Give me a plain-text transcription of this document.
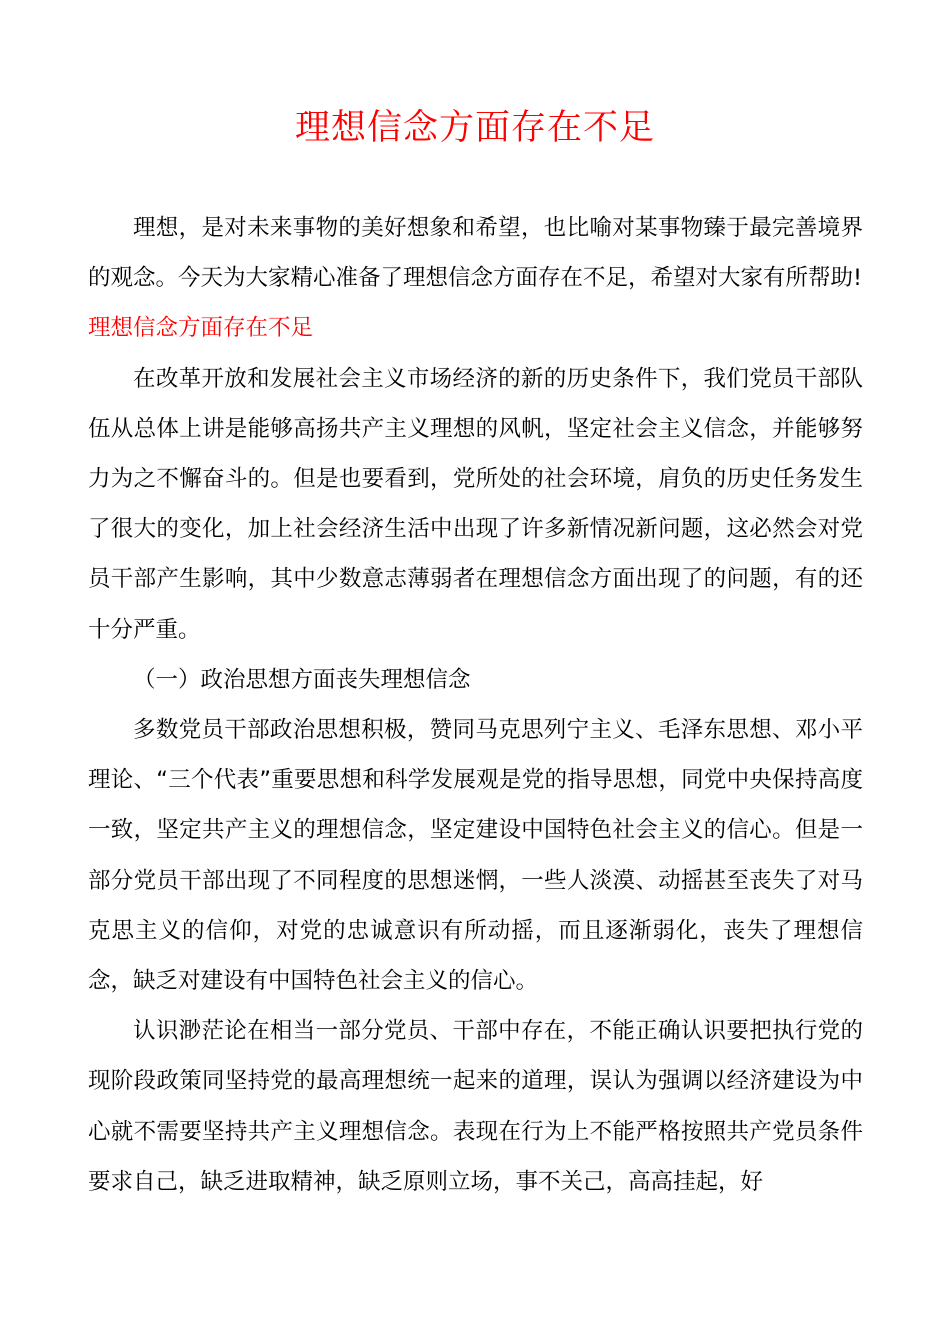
理想信念方面存在不足

理想，是对未来事物的美好想象和希望，也比喻对某事物臻于最完善境界的观念。今天为大家精心准备了理想信念方面存在不足，希望对大家有所帮助!

理想信念方面存在不足

在改革开放和发展社会主义市场经济的新的历史条件下，我们党员干部队伍从总体上讲是能够高扬共产主义理想的风帆，坚定社会主义信念，并能够努力为之不懈奋斗的。但是也要看到，党所处的社会环境，肩负的历史任务发生了很大的变化，加上社会经济生活中出现了许多新情况新问题，这必然会对党员干部产生影响，其中少数意志薄弱者在理想信念方面出现了的问题，有的还十分严重。

（一）政治思想方面丧失理想信念

多数党员干部政治思想积极，赞同马克思列宁主义、毛泽东思想、邓小平理论、“三个代表”重要思想和科学发展观是党的指导思想，同党中央保持高度一致，坚定共产主义的理想信念，坚定建设中国特色社会主义的信心。但是一部分党员干部出现了不同程度的思想迷惘，一些人淡漠、动摇甚至丧失了对马克思主义的信仰，对党的忠诚意识有所动摇，而且逐渐弱化，丧失了理想信念，缺乏对建设有中国特色社会主义的信心。

认识渺茫论在相当一部分党员、干部中存在，不能正确认识要把执行党的现阶段政策同坚持党的最高理想统一起来的道理，误认为强调以经济建设为中心就不需要坚持共产主义理想信念。表现在行为上不能严格按照共产党员条件要求自己，缺乏进取精神，缺乏原则立场，事不关己，高高挂起，好
